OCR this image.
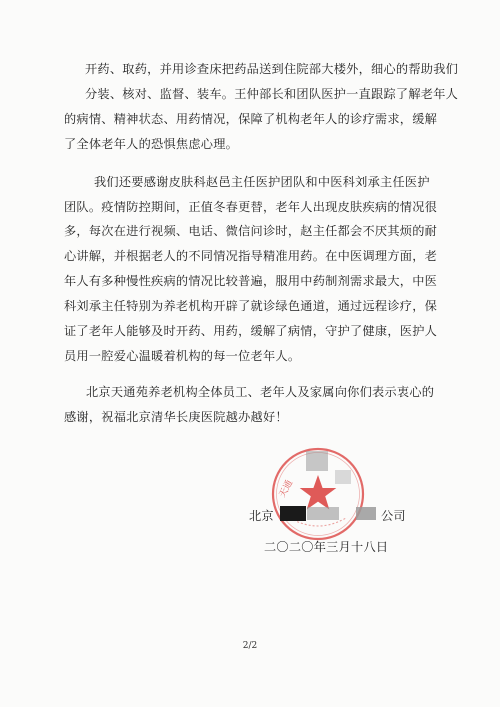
开药、取药，并用诊查床把药品送到住院部大楼外，细心的帮助我们
分装、核对、监督、装车。王仲部长和团队医护一直跟踪了解老年人
的病情、精神状态、用药情况，保障了机构老年人的诊疗需求，缓解
了全体老年人的恐惧焦虑心理。
我们还要感谢皮肤科赵邑主任医护团队和中医科刘承主任医护
团队。疫情防控期间，正值冬春更替，老年人出现皮肤疾病的情况很
多，每次在进行视频、电话、微信问诊时，赵主任都会不厌其烦的耐
心讲解，并根据老人的不同情况指导精准用药。在中医调理方面，老
年人有多种慢性疾病的情况比较普遍，服用中药制剂需求最大，中医
科刘承主任特别为养老机构开辟了就诊绿色通道，通过远程诊疗，保
证了老年人能够及时开药、用药，缓解了病情，守护了健康，医护人
员用一腔爱心温暖着机构的每一位老年人。
北京天通苑养老机构全体员工、老年人及家属向你们表示衷心的
感谢，祝福北京清华长庚医院越办越好！
天通
北京	公司
二〇二〇年三月十八日
2/2
